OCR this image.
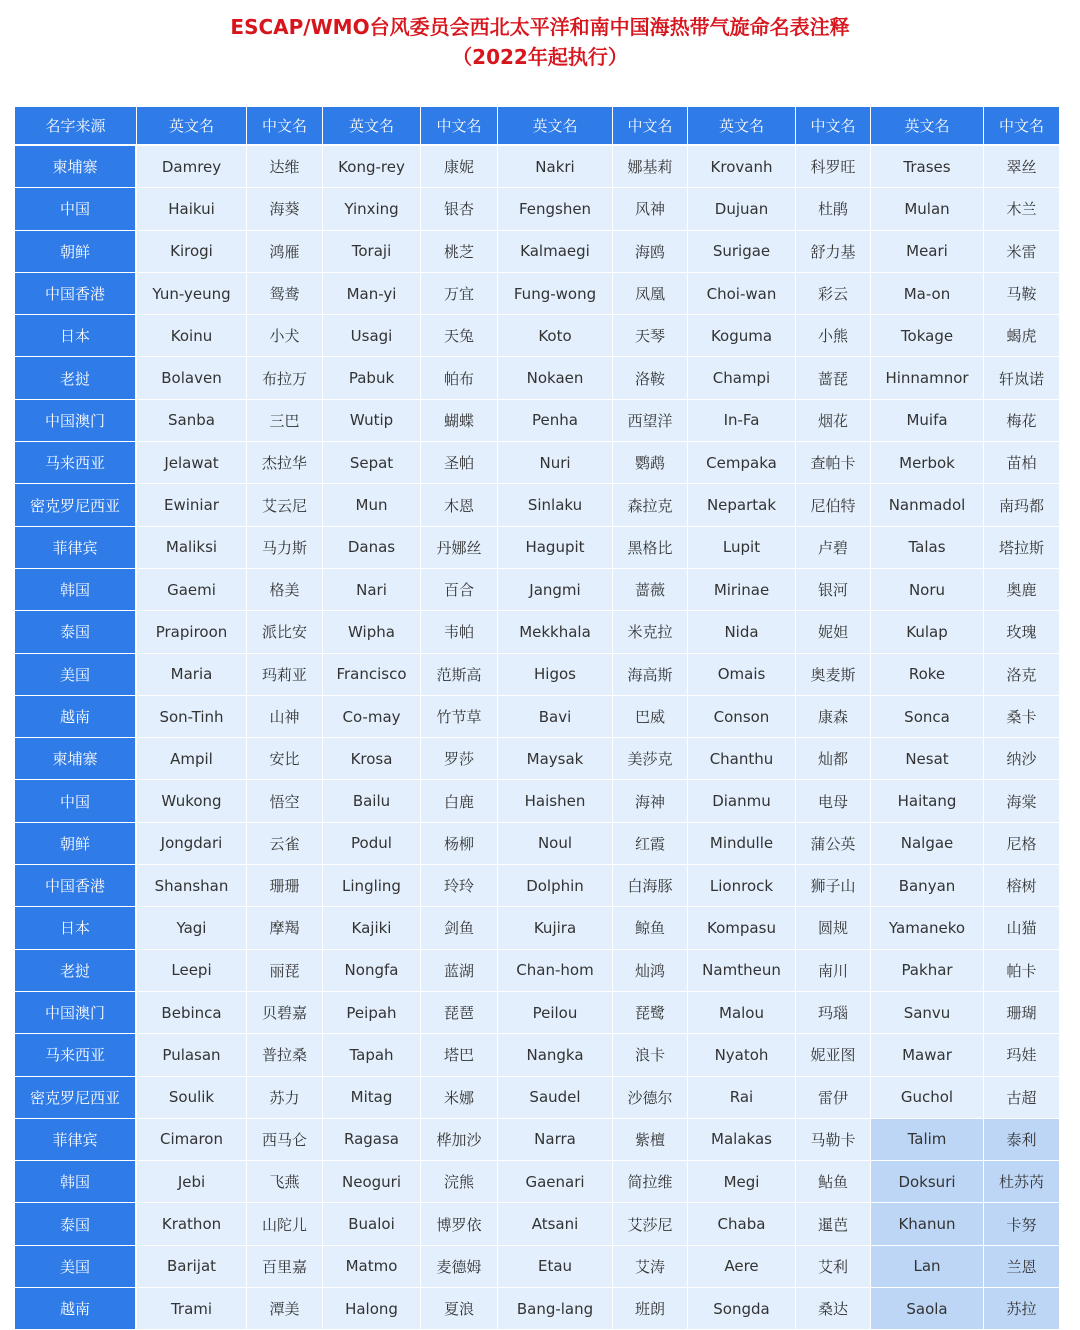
ESCAP/WMO台风委员会西北太平洋和南中国海热带气旋命名表注释
（2022年起执行）
名字来源	英文名	中文名	英文名	中文名	英文名	中文名	英文名	中文名	英文名	中文名
柬埔寨	Damrey	达维	Kong-rey	康妮	Nakri	娜基莉	Krovanh	科罗旺	Trases	翠丝
中国	Haikui	海葵	Yinxing	银杏	Fengshen	风神	Dujuan	杜鹃	Mulan	木兰
朝鲜	Kirogi	鸿雁	Toraji	桃芝	Kalmaegi	海鸥	Surigae	舒力基	Meari	米雷
中国香港	Yun-yeung	鸳鸯	Man-yi	万宜	Fung-wong	凤凰	Choi-wan	彩云	Ma-on	马鞍
日本	Koinu	小犬	Usagi	天兔	Koto	天琴	Koguma	小熊	Tokage	蝎虎
老挝	Bolaven	布拉万	Pabuk	帕布	Nokaen	洛鞍	Champi	蔷琵	Hinnamnor	轩岚诺
中国澳门	Sanba	三巴	Wutip	蝴蝶	Penha	西望洋	In-Fa	烟花	Muifa	梅花
马来西亚	Jelawat	杰拉华	Sepat	圣帕	Nuri	鹦鹉	Cempaka	查帕卡	Merbok	苗柏
密克罗尼西亚	Ewiniar	艾云尼	Mun	木恩	Sinlaku	森拉克	Nepartak	尼伯特	Nanmadol	南玛都
菲律宾	Maliksi	马力斯	Danas	丹娜丝	Hagupit	黑格比	Lupit	卢碧	Talas	塔拉斯
韩国	Gaemi	格美	Nari	百合	Jangmi	蔷薇	Mirinae	银河	Noru	奥鹿
泰国	Prapiroon	派比安	Wipha	韦帕	Mekkhala	米克拉	Nida	妮妲	Kulap	玫瑰
美国	Maria	玛莉亚	Francisco	范斯高	Higos	海高斯	Omais	奥麦斯	Roke	洛克
越南	Son-Tinh	山神	Co-may	竹节草	Bavi	巴威	Conson	康森	Sonca	桑卡
柬埔寨	Ampil	安比	Krosa	罗莎	Maysak	美莎克	Chanthu	灿都	Nesat	纳沙
中国	Wukong	悟空	Bailu	白鹿	Haishen	海神	Dianmu	电母	Haitang	海棠
朝鲜	Jongdari	云雀	Podul	杨柳	Noul	红霞	Mindulle	蒲公英	Nalgae	尼格
中国香港	Shanshan	珊珊	Lingling	玲玲	Dolphin	白海豚	Lionrock	狮子山	Banyan	榕树
日本	Yagi	摩羯	Kajiki	剑鱼	Kujira	鲸鱼	Kompasu	圆规	Yamaneko	山猫
老挝	Leepi	丽琵	Nongfa	蓝湖	Chan-hom	灿鸿	Namtheun	南川	Pakhar	帕卡
中国澳门	Bebinca	贝碧嘉	Peipah	琵琶	Peilou	琵鹭	Malou	玛瑙	Sanvu	珊瑚
马来西亚	Pulasan	普拉桑	Tapah	塔巴	Nangka	浪卡	Nyatoh	妮亚图	Mawar	玛娃
密克罗尼西亚	Soulik	苏力	Mitag	米娜	Saudel	沙德尔	Rai	雷伊	Guchol	古超
菲律宾	Cimaron	西马仑	Ragasa	桦加沙	Narra	紫檀	Malakas	马勒卡	Talim	泰利
韩国	Jebi	飞燕	Neoguri	浣熊	Gaenari	简拉维	Megi	鲇鱼	Doksuri	杜苏芮
泰国	Krathon	山陀儿	Bualoi	博罗依	Atsani	艾莎尼	Chaba	暹芭	Khanun	卡努
美国	Barijat	百里嘉	Matmo	麦德姆	Etau	艾涛	Aere	艾利	Lan	兰恩
越南	Trami	潭美	Halong	夏浪	Bang-lang	班朗	Songda	桑达	Saola	苏拉
